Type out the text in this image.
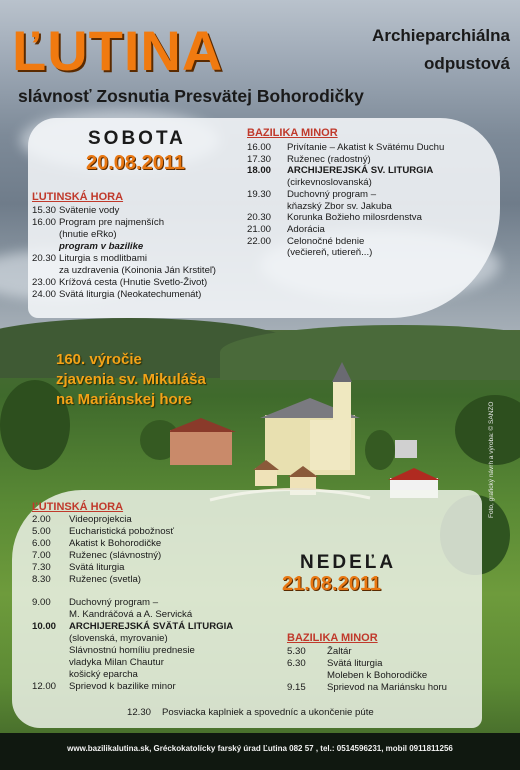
ĽUTINA	Archieparchiálna
odpustová
slávnosť Zosnutia Presvätej Bohorodičky
SOBOTA
20.08.2011
ĽUTINSKÁ HORA
15.30 Svätenie vody
16.00 Program pre najmenších
(hnutie eRko)
program v bazilike
20.30 Liturgia s modlitbami
za uzdravenia (Koinonia Ján Krstiteľ)
23.00 Krížová cesta (Hnutie Svetlo-Život)
24.00 Svätá liturgia (Neokatechumenát)
BAZILIKA MINOR
16.00 Privítanie – Akatist k Svätému Duchu
17.30 Ruženec (radostný)
18.00 ARCHIJEREJSKÁ SV. LITURGIA
(cirkevnoslovanská)
19.30 Duchovný program –
kňazský Zbor sv. Jakuba
20.30 Korunka Božieho milosrdenstva
21.00 Adorácia
22.00 Celonočné bdenie
(večiereň, utiereň...)
160. výročie
zjavenia sv. Mikuláša
na Mariánskej hore
NEDEĽA
21.08.2011
ĽUTINSKÁ HORA
2.00 Videoprojekcia
5.00 Eucharistická pobožnosť
6.00 Akatist k Bohorodičke
7.00 Ruženec (slávnostný)
7.30 Svätá liturgia
8.30 Ruženec (svetla)
9.00 Duchovný program –
M. Kandráčová a A. Servická
10.00 ARCHIJEREJSKÁ SVÄTÁ LITURGIA
(slovenská, myrovanie)
Slávnostnú homíliu prednesie
vladyka Milan Chautur
košický eparcha
12.00 Sprievod k bazilike minor
BAZILIKA MINOR
5.30 Žaltár
6.30 Svätá liturgia
Moleben k Bohorodičke
9.15 Sprievod na Mariánsku horu
12.30 Posviacka kaplniek a spovedníc a ukončenie púte
Foto, grafický návrh a výroba: © SANZO
www.bazilikalutina.sk, Gréckokatolícky farský úrad Ľutina 082 57 , tel.: 0514596231, mobil 0911811256
